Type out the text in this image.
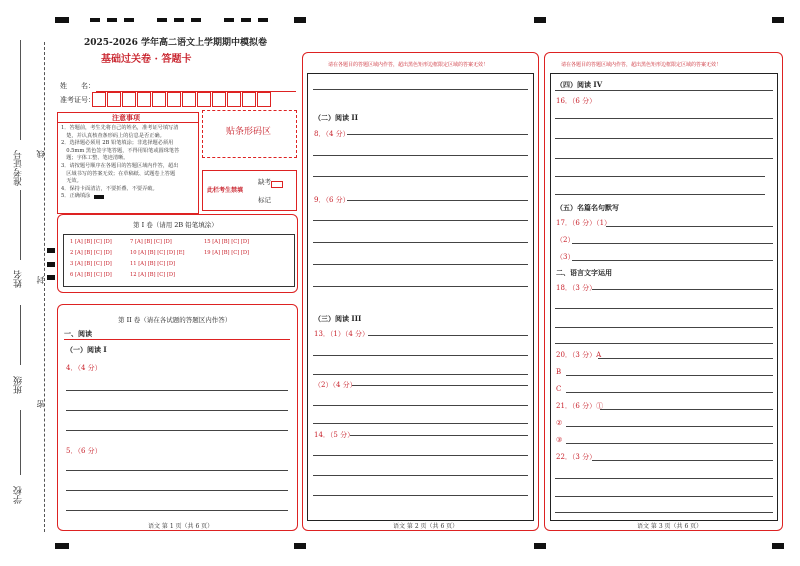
准考证号
姓名
班级
学校
线
封
密
2025-2026 学年高二语文上学期期中模拟卷
基础过关卷 · 答题卡
姓　　名：
准考证号：
注意事项
1．答题前，考生先将自己的姓名，准考证号填写清
　楚，并认真核查条形码上的信息是否正确。
2．选择题必须用 2B 铅笔填涂；非选择题必须用
　0.5mm 黑色签字笔答题，不得用铅笔或圆珠笔答
　题；字体工整、笔迹清晰。
3．请按题号顺序在各题目的答题区域内作答，超出
　区域书写的答案无效；在草稿纸、试题卷上答题
　无效。
4．保持卡面清洁，不要折叠、不要弄破。
5．正确填涂
贴条形码区
此栏考生禁填
缺考
标记
第 I 卷（请用 2B 铅笔填涂）
1 [A] [B] [C] [D]	7 [A] [B] [C] [D]	15 [A] [B] [C] [D]
2 [A] [B] [C] [D]	10 [A] [B] [C] [D] [E]	19 [A] [B] [C] [D]
3 [A] [B] [C] [D]	11 [A] [B] [C] [D]
6 [A] [B] [C] [D]	12 [A] [B] [C] [D]
第 II 卷（请在各试题的答题区内作答）
一、阅读
（一）阅读 I
4．（4 分）
5．（6 分）
语文 第 1 页（共 6 页）
请在各题目的答题区域内作答，超出黑色矩形边框限定区域的答案无效！
（二）阅读 II
8．（4 分）
9．（6 分）
（三）阅读 III
13．（1）（4 分）
（2）（4 分）
14．（5 分）
语文 第 2 页（共 6 页）
请在各题目的答题区域内作答，超出黑色矩形边框限定区域的答案无效！
（四）阅读 IV
16．（6 分）
（五）名篇名句默写
17．（6 分）（1）
（2）
（3）
二、语言文字运用
18．（3 分）
20．（3 分）A
B
C
21．（6 分）①
②
③
22．（3 分）
语文 第 3 页（共 6 页）
